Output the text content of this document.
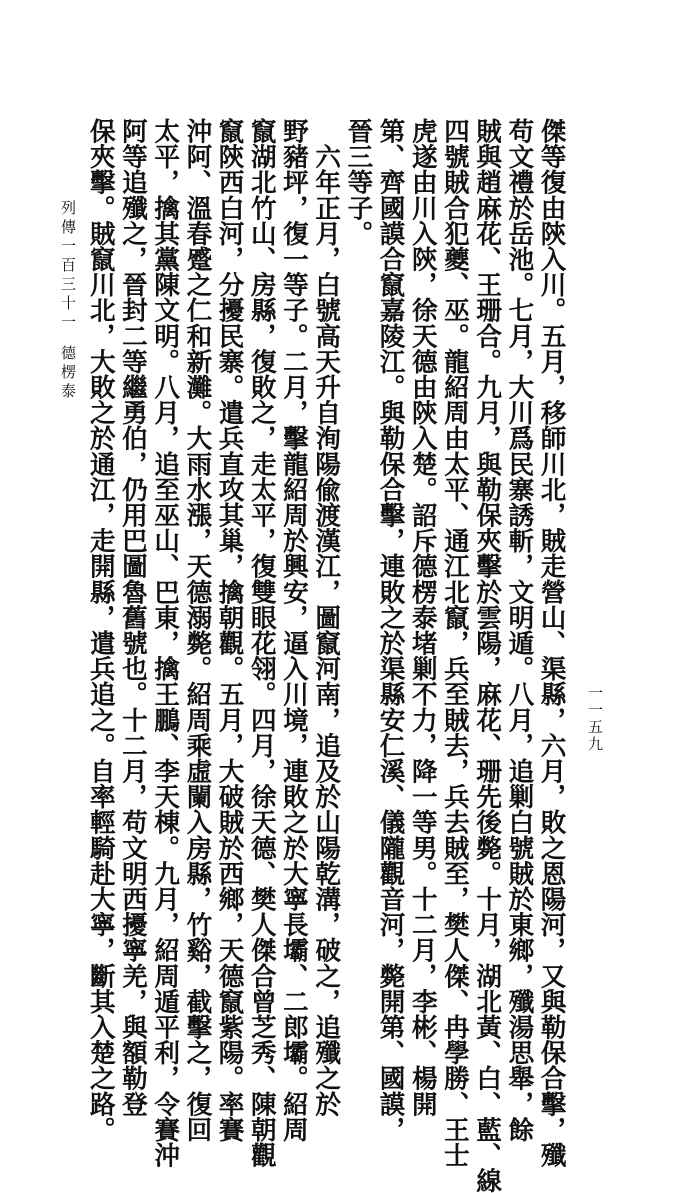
傑等復由陝入川。五月，移師川北，賊走營山、渠縣，六月，敗之恩陽河，又與勒保合擊，殲
苟文禮於岳池。七月，大川爲民寨誘斬，文明遁。八月，追剿白號賊於東鄉，殲湯思舉，餘
賊與趙麻花、王珊合。九月，與勒保夾擊於雲陽，麻花、珊先後斃。十月，湖北黃、白、藍、線
四號賊合犯夔、巫。龍紹周由太平、通江北竄，兵至賊去，兵去賊至，樊人傑、冉學勝、王士
虎遂由川入陝，徐天德由陝入楚。詔斥德楞泰堵剿不力，降一等男。十二月，李彬、楊開
第、齊國謨合竄嘉陵江。與勒保合擊，連敗之於渠縣安仁溪、儀隴觀音河，斃開第、國謨，
晉三等子。
　六年正月，白號高天升自洵陽偸渡漢江，圖竄河南，追及於山陽乾溝，破之，追殲之於
野豬坪，復一等子。二月，擊龍紹周於興安，逼入川境，連敗之於大寧長壩、二郎壩。紹周
竄湖北竹山、房縣，復敗之，走太平，復雙眼花翎。四月，徐天德、樊人傑合曾芝秀、陳朝觀
竄陝西白河，分擾民寨。遣兵直攻其巢，擒朝觀。五月，大破賊於西鄉，天德竄紫陽。率賽
沖阿、溫春蹙之仁和新灘。大雨水漲，天德溺斃。紹周乘虛闌入房縣，竹谿，截擊之，復回
太平，擒其黨陳文明。八月，追至巫山、巴東，擒王鵬、李天棟。九月，紹周遁平利，令賽沖
阿等追殲之，晉封二等繼勇伯，仍用巴圖魯舊號也。十二月，苟文明西擾寧羌，與額勒登
保夾擊。賊竄川北，大敗之於通江，走開縣，遣兵追之。自率輕騎赴大寧，斷其入楚之路。
列傳一百三十一
德楞泰
一一五九
